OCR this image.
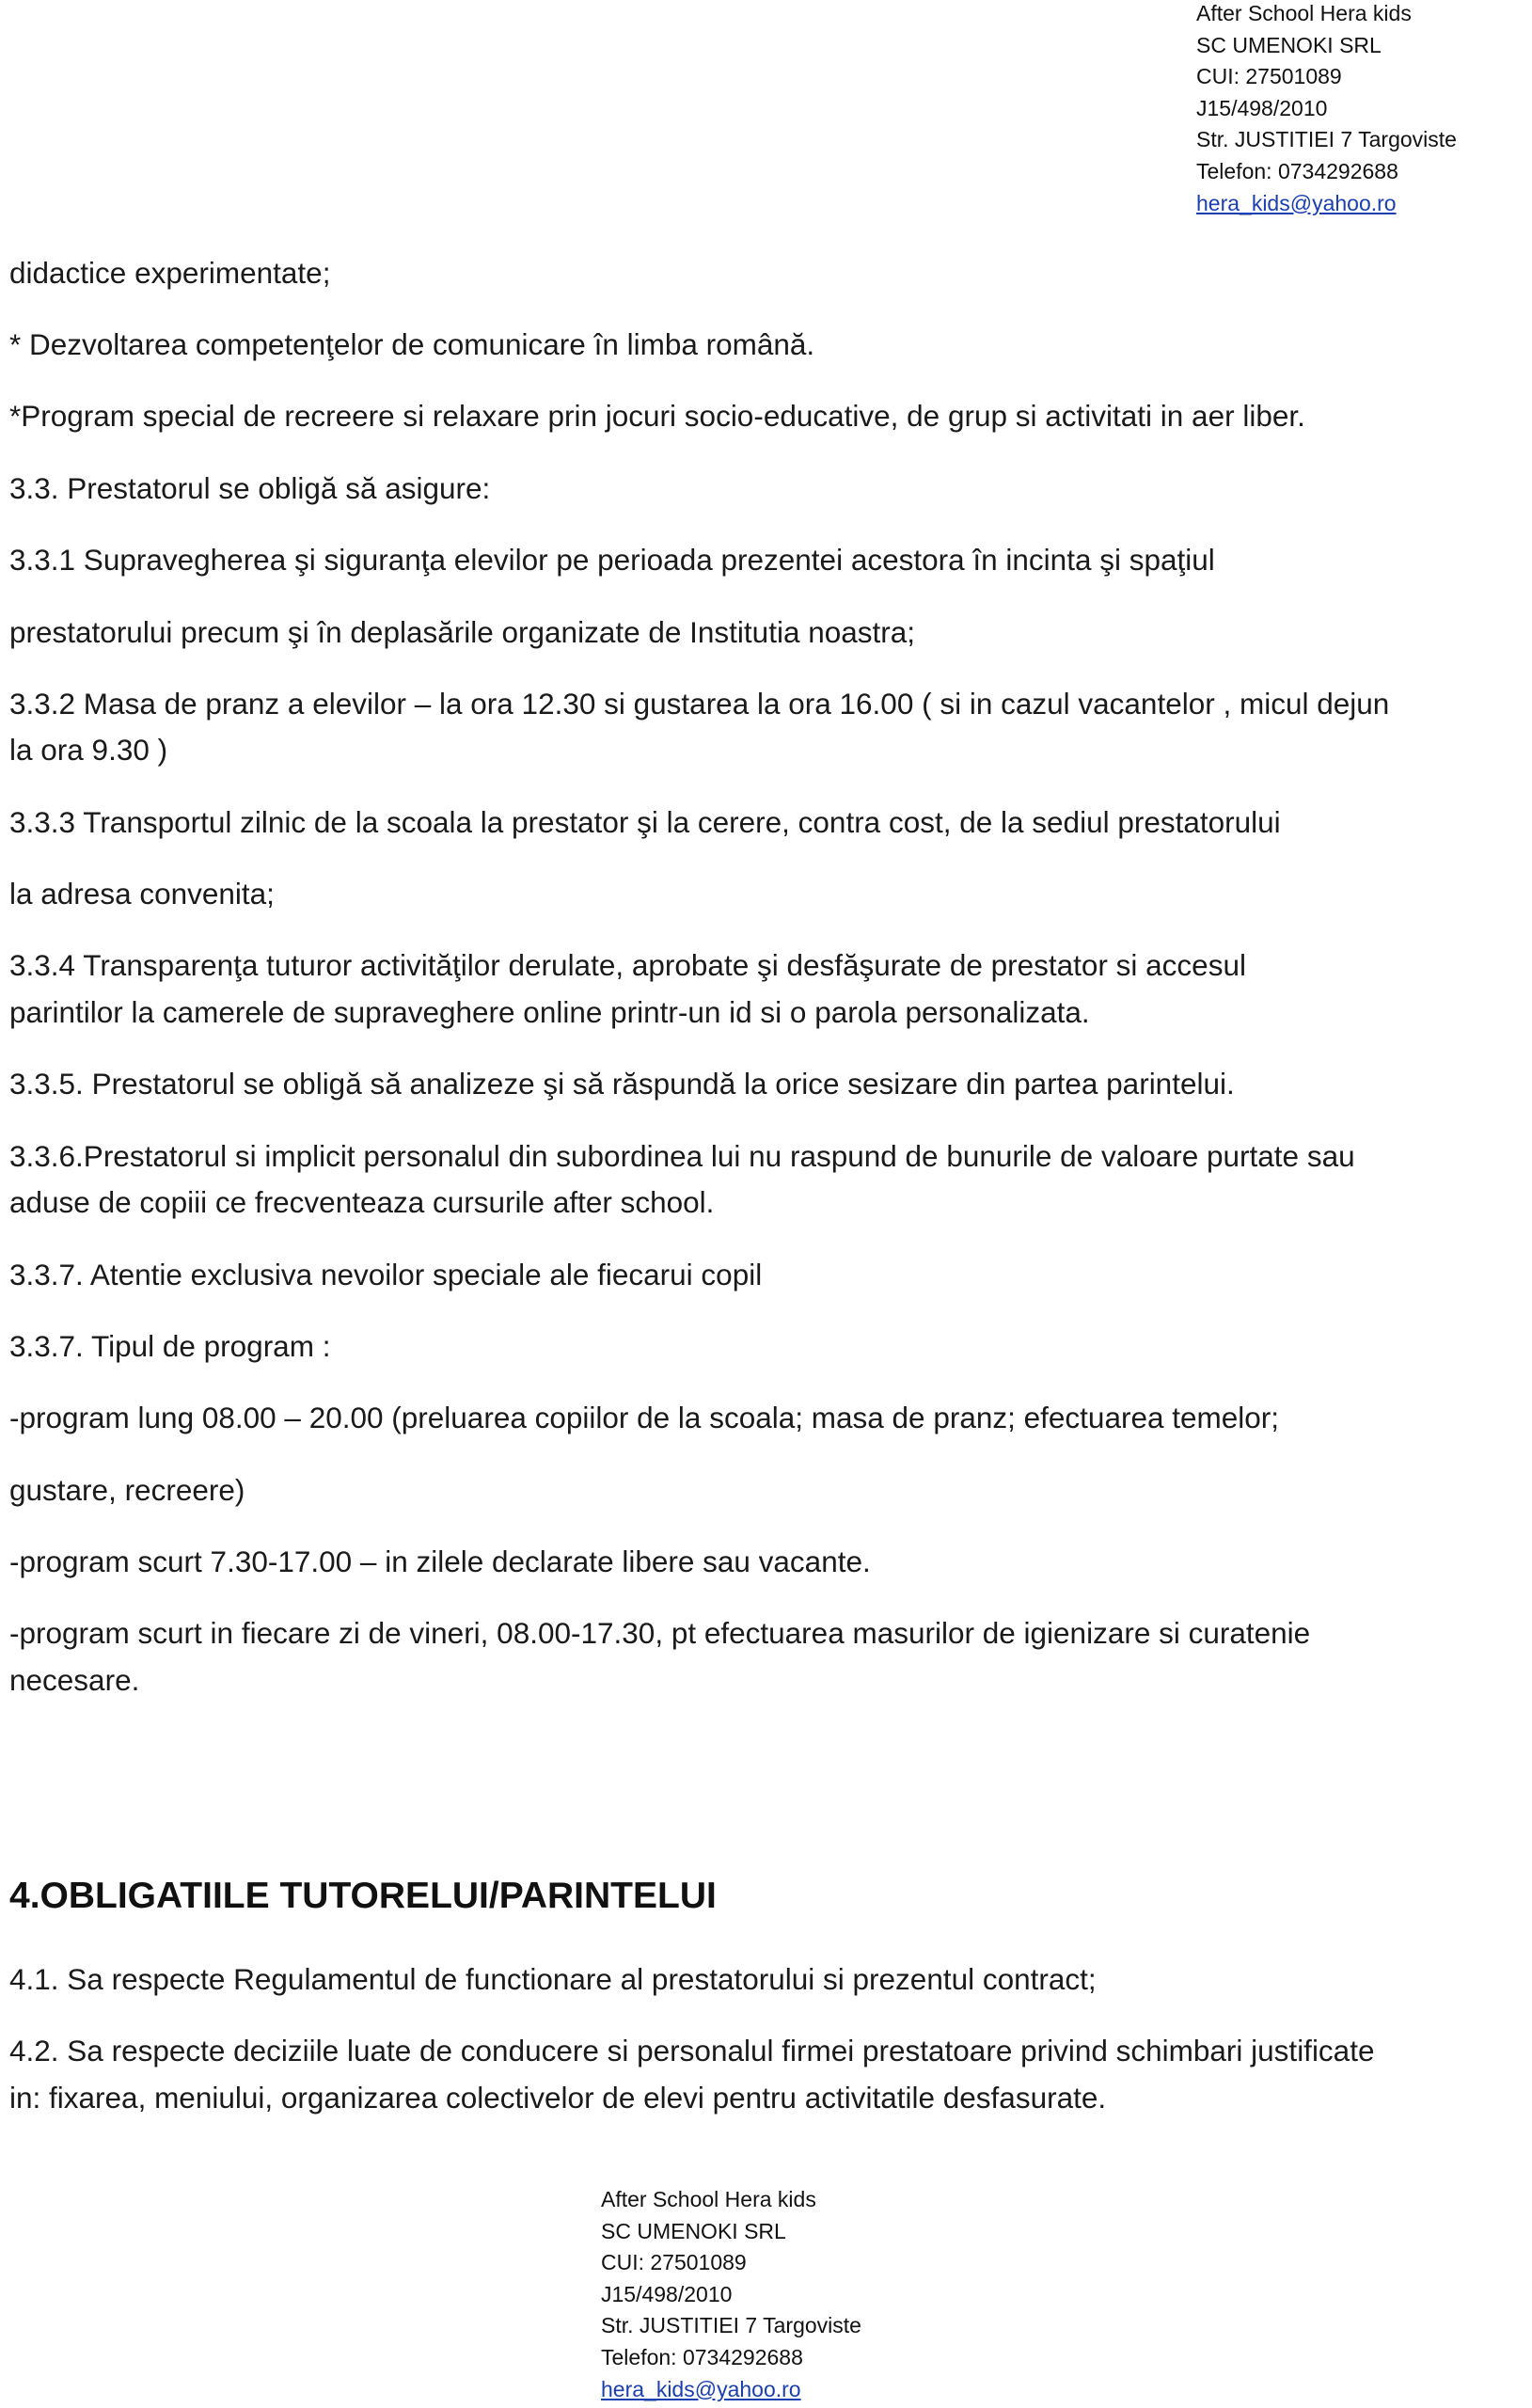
After School Hera kids
SC UMENOKI SRL
CUI: 27501089
J15/498/2010
Str. JUSTITIEI 7 Targoviste
Telefon: 0734292688
hera_kids@yahoo.ro
didactice experimentate;
* Dezvoltarea competenţelor de comunicare în limba română.
*Program special de recreere si relaxare prin jocuri socio-educative, de grup si activitati in aer liber.
3.3. Prestatorul se obligă să asigure:
3.3.1 Supravegherea şi siguranţa elevilor pe perioada prezentei acestora în incinta şi spaţiul
prestatorului precum şi în deplasările organizate de Institutia noastra;
3.3.2 Masa de pranz a elevilor – la ora 12.30 si gustarea la ora 16.00 ( si in cazul vacantelor , micul dejun
la ora 9.30 )
3.3.3 Transportul zilnic de la scoala la prestator şi la cerere, contra cost, de la sediul prestatorului
la adresa convenita;
3.3.4 Transparenţa tuturor activităţilor derulate, aprobate şi desfăşurate de prestator si accesul
parintilor la camerele de supraveghere online printr-un id si o parola personalizata.
3.3.5. Prestatorul se obligă să analizeze şi să răspundă la orice sesizare din partea parintelui.
3.3.6.Prestatorul si implicit personalul din subordinea lui nu raspund de bunurile de valoare purtate sau
aduse de copiii ce frecventeaza cursurile after school.
3.3.7. Atentie exclusiva nevoilor speciale ale fiecarui copil
3.3.7. Tipul de program :
-program lung 08.00 – 20.00 (preluarea copiilor de la scoala; masa de pranz; efectuarea temelor;
gustare, recreere)
-program scurt 7.30-17.00 – in zilele declarate libere sau vacante.
-program scurt in fiecare zi de vineri, 08.00-17.30, pt efectuarea masurilor de igienizare si curatenie
necesare.
4.OBLIGATIILE TUTORELUI/PARINTELUI
4.1. Sa respecte Regulamentul de functionare al prestatorului si prezentul contract;
4.2. Sa respecte deciziile luate de conducere si personalul firmei prestatoare privind schimbari justificate
in: fixarea, meniului, organizarea colectivelor de elevi pentru activitatile desfasurate.
After School Hera kids
SC UMENOKI SRL
CUI: 27501089
J15/498/2010
Str. JUSTITIEI 7 Targoviste
Telefon: 0734292688
hera_kids@yahoo.ro
